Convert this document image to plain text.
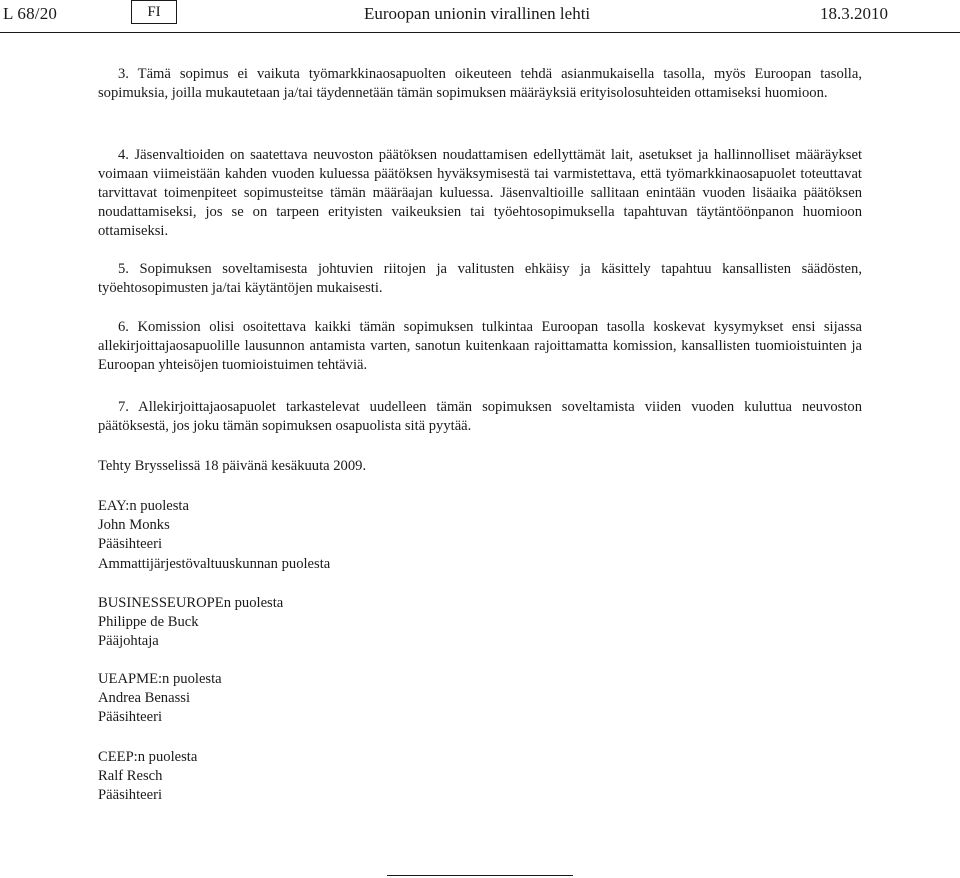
L 68/20	FI	Euroopan unionin virallinen lehti	18.3.2010
3. Tämä sopimus ei vaikuta työmarkkinaosapuolten oikeuteen tehdä asianmukaisella tasolla, myös Euroopan tasolla, sopimuksia, joilla mukautetaan ja/tai täydennetään tämän sopimuksen määräyksiä erityisolosuhteiden ottamiseksi huomioon.
4. Jäsenvaltioiden on saatettava neuvoston päätöksen noudattamisen edellyttämät lait, asetukset ja hallinnolliset määräykset voimaan viimeistään kahden vuoden kuluessa päätöksen hyväksymisestä tai varmistettava, että työmarkkinaosapuolet toteuttavat tarvittavat toimenpiteet sopimusteitse tämän määräajan kuluessa. Jäsenvaltioille sallitaan enintään vuoden lisäaika päätöksen noudattamiseksi, jos se on tarpeen erityisten vaikeuksien tai työehtosopimuksella tapahtuvan täytäntöönpanon huomioon ottamiseksi.
5. Sopimuksen soveltamisesta johtuvien riitojen ja valitusten ehkäisy ja käsittely tapahtuu kansallisten säädösten, työehtosopimusten ja/tai käytäntöjen mukaisesti.
6. Komission olisi osoitettava kaikki tämän sopimuksen tulkintaa Euroopan tasolla koskevat kysymykset ensi sijassa allekirjoittajaosapuolille lausunnon antamista varten, sanotun kuitenkaan rajoittamatta komission, kansallisten tuomioistuinten ja Euroopan yhteisöjen tuomioistuimen tehtäviä.
7. Allekirjoittajaosapuolet tarkastelevat uudelleen tämän sopimuksen soveltamista viiden vuoden kuluttua neuvoston päätöksestä, jos joku tämän sopimuksen osapuolista sitä pyytää.
Tehty Brysselissä 18 päivänä kesäkuuta 2009.
EAY:n puolesta
John Monks
Pääsihteeri
Ammattijärjestövaltuuskunnan puolesta
BUSINESSEUROPEn puolesta
Philippe de Buck
Pääjohtaja
UEAPME:n puolesta
Andrea Benassi
Pääsihteeri
CEEP:n puolesta
Ralf Resch
Pääsihteeri
